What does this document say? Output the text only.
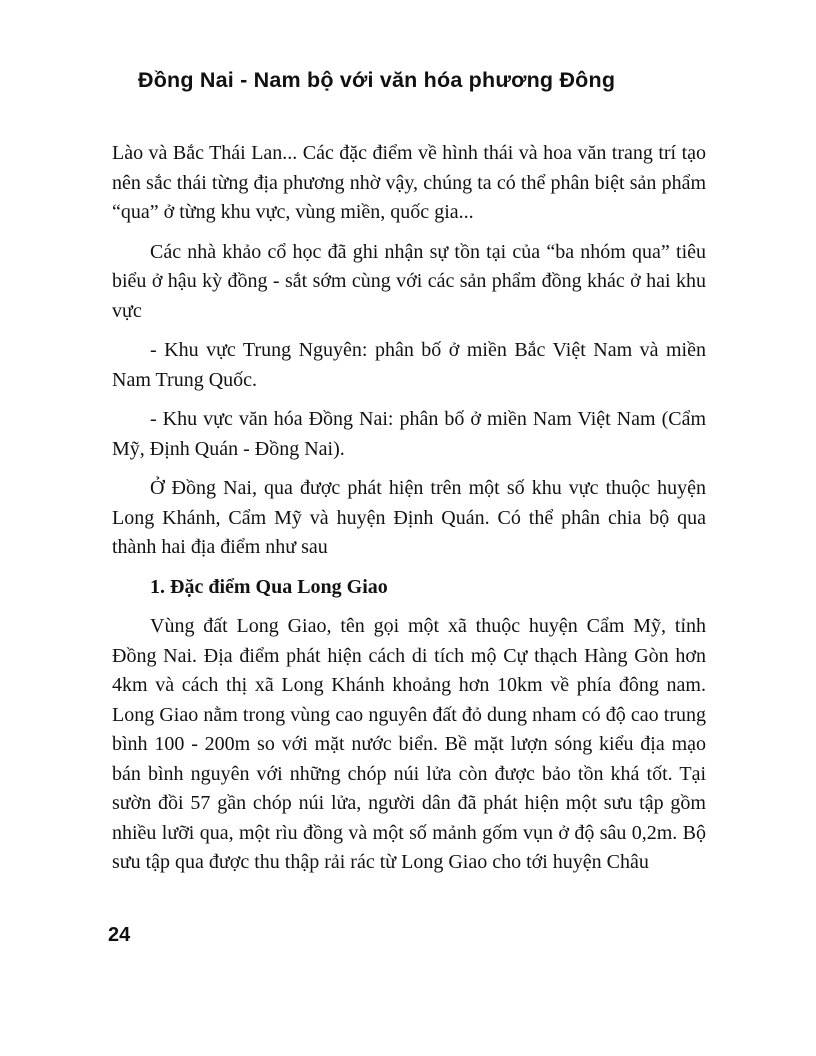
Đồng Nai - Nam bộ với văn hóa phương Đông

Lào và Bắc Thái Lan... Các đặc điểm về hình thái và hoa văn trang trí tạo nên sắc thái từng địa phương nhờ vậy, chúng ta có thể phân biệt sản phẩm “qua” ở từng khu vực, vùng miền, quốc gia...

Các nhà khảo cổ học đã ghi nhận sự tồn tại của “ba nhóm qua” tiêu biểu ở hậu kỳ đồng - sắt sớm cùng với các sản phẩm đồng khác ở hai khu vực

- Khu vực Trung Nguyên: phân bố ở miền Bắc Việt Nam và miền Nam Trung Quốc.

- Khu vực văn hóa Đồng Nai: phân bố ở miền Nam Việt Nam (Cẩm Mỹ, Định Quán - Đồng Nai).

Ở Đồng Nai, qua được phát hiện trên một số khu vực thuộc huyện Long Khánh, Cẩm Mỹ và huyện Định Quán. Có thể phân chia bộ qua thành hai địa điểm như sau

1. Đặc điểm Qua Long Giao

Vùng đất Long Giao, tên gọi một xã thuộc huyện Cẩm Mỹ, tỉnh Đồng Nai. Địa điểm phát hiện cách di tích mộ Cự thạch Hàng Gòn hơn 4km và cách thị xã Long Khánh khoảng hơn 10km về phía đông nam. Long Giao nằm trong vùng cao nguyên đất đỏ dung nham có độ cao trung bình 100 - 200m so với mặt nước biển. Bề mặt lượn sóng kiểu địa mạo bán bình nguyên với những chóp núi lửa còn được bảo tồn khá tốt. Tại sườn đồi 57 gần chóp núi lửa, người dân đã phát hiện một sưu tập gồm nhiều lưỡi qua, một rìu đồng và một số mảnh gốm vụn ở độ sâu 0,2m. Bộ sưu tập qua được thu thập rải rác từ Long Giao cho tới huyện Châu

24
